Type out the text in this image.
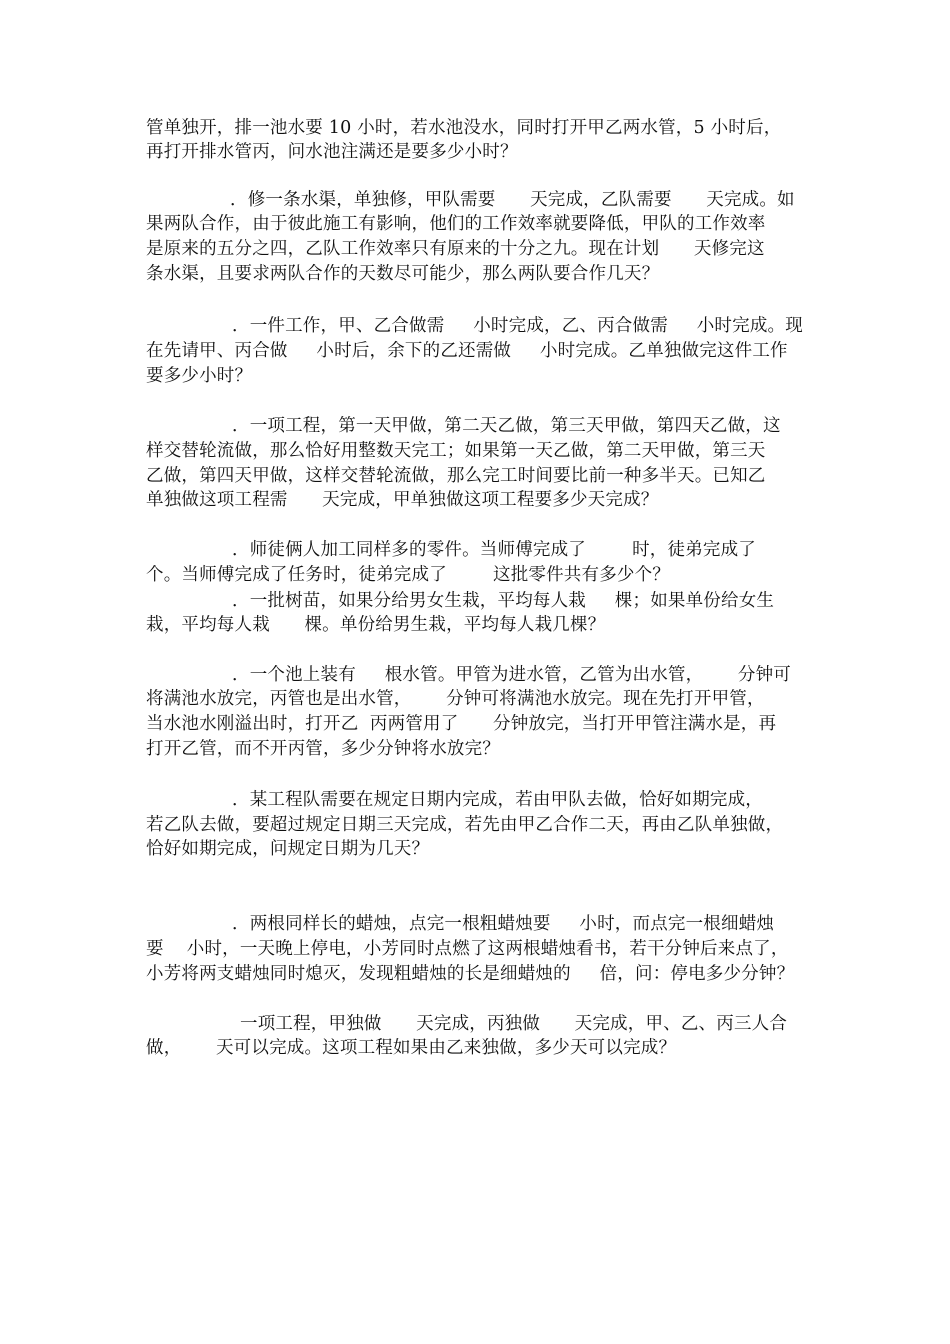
管单独开，排一池水要 10 小时，若水池没水，同时打开甲乙两水管，5 小时后，
再打开排水管丙，问水池注满还是要多少小时？
．修一条水渠，单独修，甲队需要      天完成，乙队需要      天完成。如
果两队合作，由于彼此施工有影响，他们的工作效率就要降低，甲队的工作效率
是原来的五分之四，乙队工作效率只有原来的十分之九。现在计划      天修完这
条水渠，且要求两队合作的天数尽可能少，那么两队要合作几天？
．一件工作，甲、乙合做需     小时完成，乙、丙合做需     小时完成。现
在先请甲、丙合做     小时后，余下的乙还需做     小时完成。乙单独做完这件工作
要多少小时？
．一项工程，第一天甲做，第二天乙做，第三天甲做，第四天乙做，这
样交替轮流做，那么恰好用整数天完工；如果第一天乙做，第二天甲做，第三天
乙做，第四天甲做，这样交替轮流做，那么完工时间要比前一种多半天。已知乙
单独做这项工程需      天完成，甲单独做这项工程要多少天完成？
．师徒俩人加工同样多的零件。当师傅完成了        时，徒弟完成了
个。当师傅完成了任务时，徒弟完成了        这批零件共有多少个？
．一批树苗，如果分给男女生栽，平均每人栽     棵；如果单份给女生
栽，平均每人栽      棵。单份给男生栽，平均每人栽几棵？
．一个池上装有     根水管。甲管为进水管，乙管为出水管，      分钟可
将满池水放完，丙管也是出水管，      分钟可将满池水放完。现在先打开甲管，
当水池水刚溢出时，打开乙  丙两管用了      分钟放完，当打开甲管注满水是，再
打开乙管，而不开丙管，多少分钟将水放完？
．某工程队需要在规定日期内完成，若由甲队去做，恰好如期完成，
若乙队去做，要超过规定日期三天完成，若先由甲乙合作二天，再由乙队单独做，
恰好如期完成，问规定日期为几天？
．两根同样长的蜡烛，点完一根粗蜡烛要     小时，而点完一根细蜡烛
要    小时，一天晚上停电，小芳同时点燃了这两根蜡烛看书，若干分钟后来点了，
小芳将两支蜡烛同时熄灭，发现粗蜡烛的长是细蜡烛的     倍，问：停电多少分钟？
一项工程，甲独做      天完成，丙独做      天完成，甲、乙、丙三人合
做，      天可以完成。这项工程如果由乙来独做，多少天可以完成？
